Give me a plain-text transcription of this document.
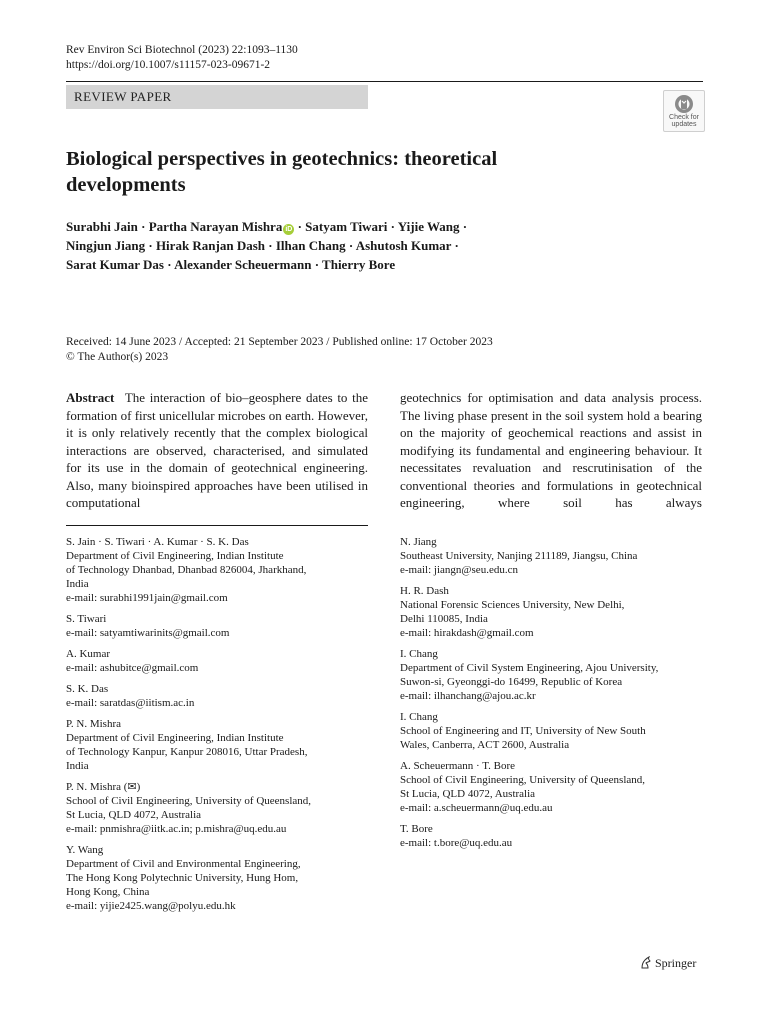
Rev Environ Sci Biotechnol (2023) 22:1093–1130
https://doi.org/10.1007/s11157-023-09671-2
REVIEW PAPER
Check for
updates
Biological perspectives in geotechnics: theoretical developments
Surabhi Jain · Partha Narayan Mishra iD · Satyam Tiwari · Yijie Wang ·
Ningjun Jiang · Hirak Ranjan Dash · Ilhan Chang · Ashutosh Kumar ·
Sarat Kumar Das · Alexander Scheuermann · Thierry Bore
Received: 14 June 2023 / Accepted: 21 September 2023 / Published online: 17 October 2023
© The Author(s) 2023
Abstract The interaction of bio–geosphere dates to the formation of first unicellular microbes on earth. However, it is only relatively recently that the complex biological interactions are observed, characterised, and simulated for its use in the domain of geotechnical engineering. Also, many bioinspired approaches have been utilised in computational
geotechnics for optimisation and data analysis process. The living phase present in the soil system hold a bearing on the majority of geochemical reactions and assist in modifying its fundamental and engineering behaviour. It necessitates revaluation and rescrutinisation of the conventional theories and formulations in geotechnical engineering, where soil has always
S. Jain · S. Tiwari · A. Kumar · S. K. Das
Department of Civil Engineering, Indian Institute
of Technology Dhanbad, Dhanbad 826004, Jharkhand,
India
e-mail: surabhi1991jain@gmail.com
S. Tiwari
e-mail: satyamtiwarinits@gmail.com
A. Kumar
e-mail: ashubitce@gmail.com
S. K. Das
e-mail: saratdas@iitism.ac.in
P. N. Mishra
Department of Civil Engineering, Indian Institute
of Technology Kanpur, Kanpur 208016, Uttar Pradesh,
India
P. N. Mishra (✉)
School of Civil Engineering, University of Queensland,
St Lucia, QLD 4072, Australia
e-mail: pnmishra@iitk.ac.in; p.mishra@uq.edu.au
Y. Wang
Department of Civil and Environmental Engineering,
The Hong Kong Polytechnic University, Hung Hom,
Hong Kong, China
e-mail: yijie2425.wang@polyu.edu.hk
N. Jiang
Southeast University, Nanjing 211189, Jiangsu, China
e-mail: jiangn@seu.edu.cn
H. R. Dash
National Forensic Sciences University, New Delhi,
Delhi 110085, India
e-mail: hirakdash@gmail.com
I. Chang
Department of Civil System Engineering, Ajou University,
Suwon-si, Gyeonggi-do 16499, Republic of Korea
e-mail: ilhanchang@ajou.ac.kr
I. Chang
School of Engineering and IT, University of New South
Wales, Canberra, ACT 2600, Australia
A. Scheuermann · T. Bore
School of Civil Engineering, University of Queensland,
St Lucia, QLD 4072, Australia
e-mail: a.scheuermann@uq.edu.au
T. Bore
e-mail: t.bore@uq.edu.au
Springer
